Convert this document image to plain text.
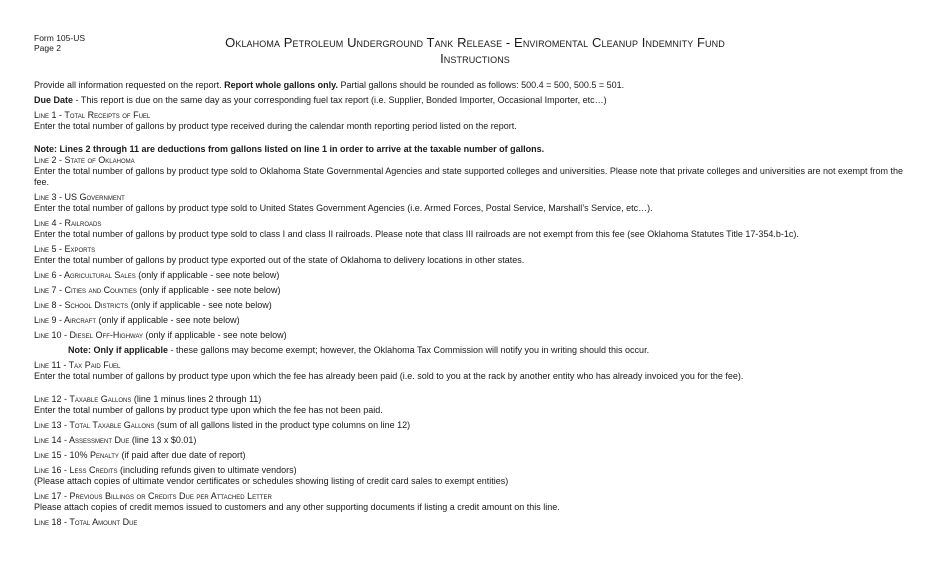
Form 105-US
Page 2	Oklahoma Petroleum Underground Tank Release - Enviromental Cleanup Indemnity Fund
Instructions

Provide all information requested on the report. Report whole gallons only. Partial gallons should be rounded as follows: 500.4 = 500, 500.5 = 501.

Due Date - This report is due on the same day as your corresponding fuel tax report (i.e. Supplier, Bonded Importer, Occasional Importer, etc…)

Line 1 - Total Receipts of Fuel

Enter the total number of gallons by product type received during the calendar month reporting period listed on the report.

Note: Lines 2 through 11 are deductions from gallons listed on line 1 in order to arrive at the taxable number of gallons.

Line 2 - State of Oklahoma

Enter the total number of gallons by product type sold to Oklahoma State Governmental Agencies and state supported colleges and universities. Please note that private colleges and universities are not exempt from the fee.

Line 3 - US Government

Enter the total number of gallons by product type sold to United States Government Agencies (i.e. Armed Forces, Postal Service, Marshall’s Service, etc…).

Line 4 - Railroads

Enter the total number of gallons by product type sold to class I and class II railroads. Please note that class III railroads are not exempt from this fee (see Oklahoma Statutes Title 17-354.b-1c).

Line 5 - Exports

Enter the total number of gallons by product type exported out of the state of Oklahoma to delivery locations in other states.

Line 6 - Agricultural Sales (only if applicable - see note below)

Line 7 - Cities and Counties (only if applicable - see note below)

Line 8 - School Districts (only if applicable - see note below)

Line 9 - Aircraft (only if applicable - see note below)

Line 10 - Diesel Off-Highway (only if applicable - see note below)

Note: Only if applicable - these gallons may become exempt; however, the Oklahoma Tax Commission will notify you in writing should this occur.

Line 11 - Tax Paid Fuel

Enter the total number of gallons by product type upon which the fee has already been paid (i.e. sold to you at the rack by another entity who has already invoiced you for the fee).

Line 12 - Taxable Gallons (line 1 minus lines 2 through 11)

Enter the total number of gallons by product type upon which the fee has not been paid.

Line 13 - Total Taxable Gallons (sum of all gallons listed in the product type columns on line 12)

Line 14 - Assessment Due (line 13 x $0.01)

Line 15 - 10% Penalty (if paid after due date of report)

Line 16 - Less Credits (including refunds given to ultimate vendors)

(Please attach copies of ultimate vendor certificates or schedules showing listing of credit card sales to exempt entities)

Line 17 - Previous Billings or Credits Due per Attached Letter

Please attach copies of credit memos issued to customers and any other supporting documents if listing a credit amount on this line.

Line 18 - Total Amount Due
